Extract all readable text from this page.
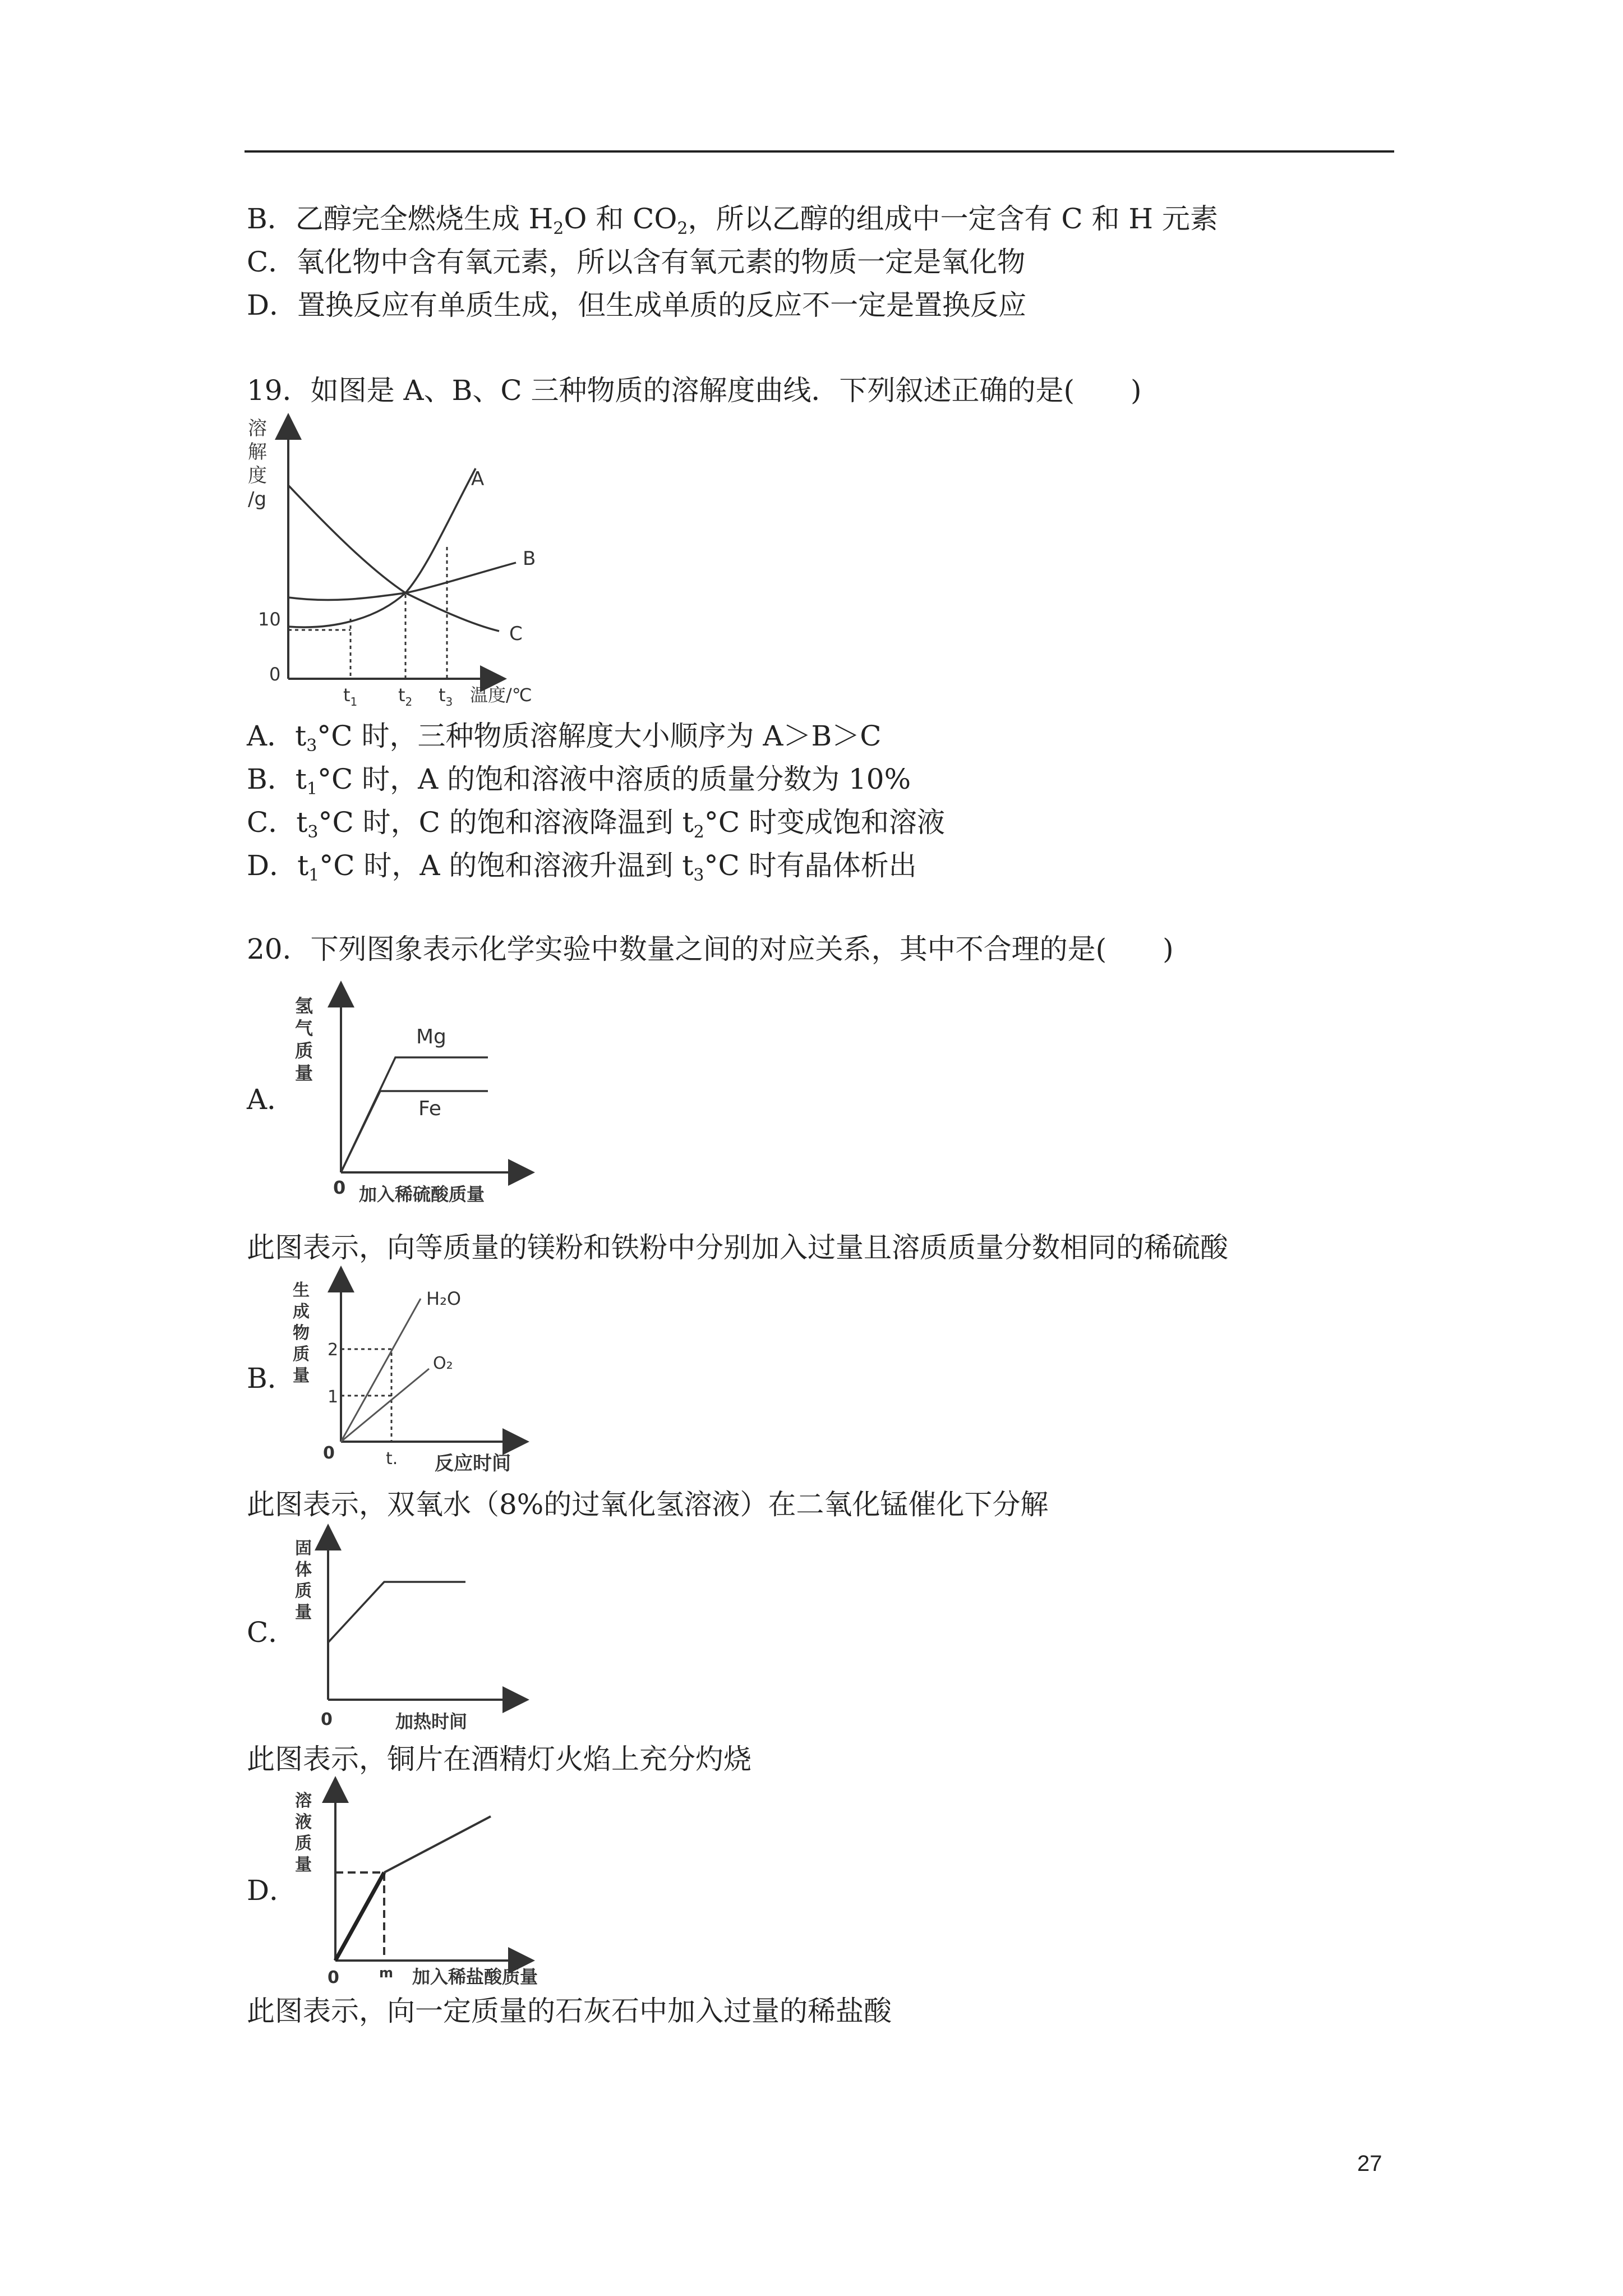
B．乙醇完全燃烧生成 $H_2O$ 和 $CO_2$，所以乙醇的组成中一定含有 C 和 H 元素
C．氧化物中含有氧元素，所以含有氧元素的物质一定是氧化物
D．置换反应有单质生成，但生成单质的反应不一定是置换反应
19．如图是 A、B、C 三种物质的溶解度曲线．下列叙述正确的是(　　)
溶
解
度
/g
10
0
A
B
C
$t_1$ $t_2$ $t_3$ 温度/℃
A．$t_3^\circ C$ 时，三种物质溶解度大小顺序为 A＞B＞C
B．$t_1^\circ C$ 时，A 的饱和溶液中溶质的质量分数为 10%
C．$t_3^\circ C$ 时，C 的饱和溶液降温到 $t_2^\circ C$ 时变成饱和溶液
D．$t_1^\circ C$ 时，A 的饱和溶液升温到 $t_3^\circ C$ 时有晶体析出
20．下列图象表示化学实验中数量之间的对应关系，其中不合理的是(　　)
A．
氢
气
质
量
Mg
Fe
0 加入稀硫酸质量
此图表示，向等质量的镁粉和铁粉中分别加入过量且溶质质量分数相同的稀硫酸
B．
生
成
物
质
量
H₂O
O₂
2
1
0	t. 反应时间
此图表示，双氧水（8%的过氧化氢溶液）在二氧化锰催化下分解
C．
固
体
质
量
0	加热时间
此图表示，铜片在酒精灯火焰上充分灼烧
D．
溶
液
质
量
0	m 加入稀盐酸质量
此图表示，向一定质量的石灰石中加入过量的稀盐酸
27
